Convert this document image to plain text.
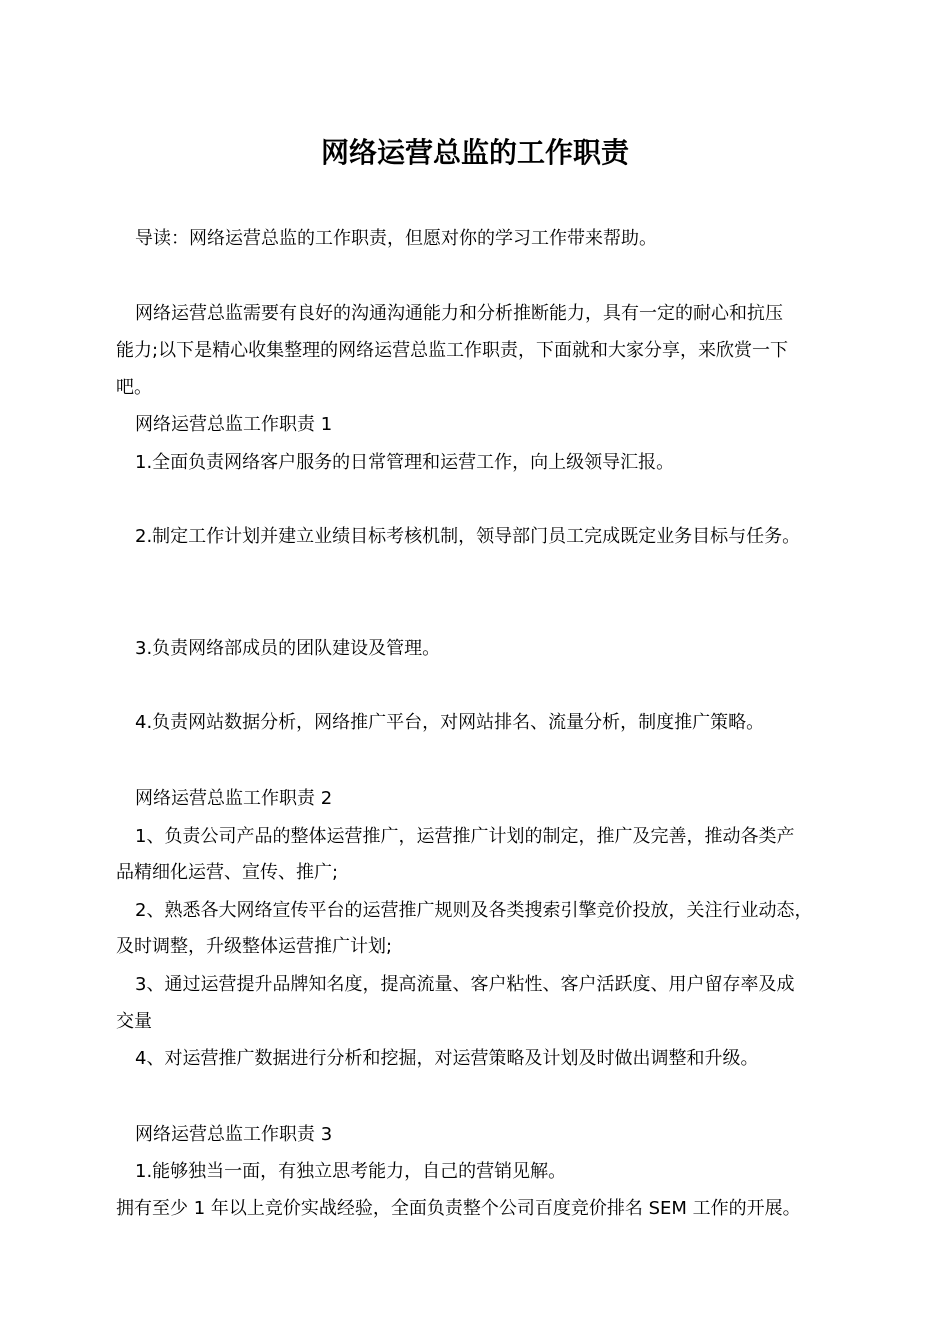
网络运营总监的工作职责
导读：网络运营总监的工作职责，但愿对你的学习工作带来帮助。
网络运营总监需要有良好的沟通沟通能力和分析推断能力，具有一定的耐心和抗压
能力;以下是精心收集整理的网络运营总监工作职责，下面就和大家分享，来欣赏一下
吧。
网络运营总监工作职责 1
1.全面负责网络客户服务的日常管理和运营工作，向上级领导汇报。
2.制定工作计划并建立业绩目标考核机制，领导部门员工完成既定业务目标与任务。
3.负责网络部成员的团队建设及管理。
4.负责网站数据分析，网络推广平台，对网站排名、流量分析，制度推广策略。
网络运营总监工作职责 2
1、负责公司产品的整体运营推广，运营推广计划的制定，推广及完善，推动各类产
品精细化运营、宣传、推广;
2、熟悉各大网络宣传平台的运营推广规则及各类搜索引擎竞价投放，关注行业动态，
及时调整，升级整体运营推广计划;
3、通过运营提升品牌知名度，提高流量、客户粘性、客户活跃度、用户留存率及成
交量
4、对运营推广数据进行分析和挖掘，对运营策略及计划及时做出调整和升级。
网络运营总监工作职责 3
1.能够独当一面，有独立思考能力，自己的营销见解。
拥有至少 1 年以上竞价实战经验，全面负责整个公司百度竞价排名 SEM 工作的开展。
